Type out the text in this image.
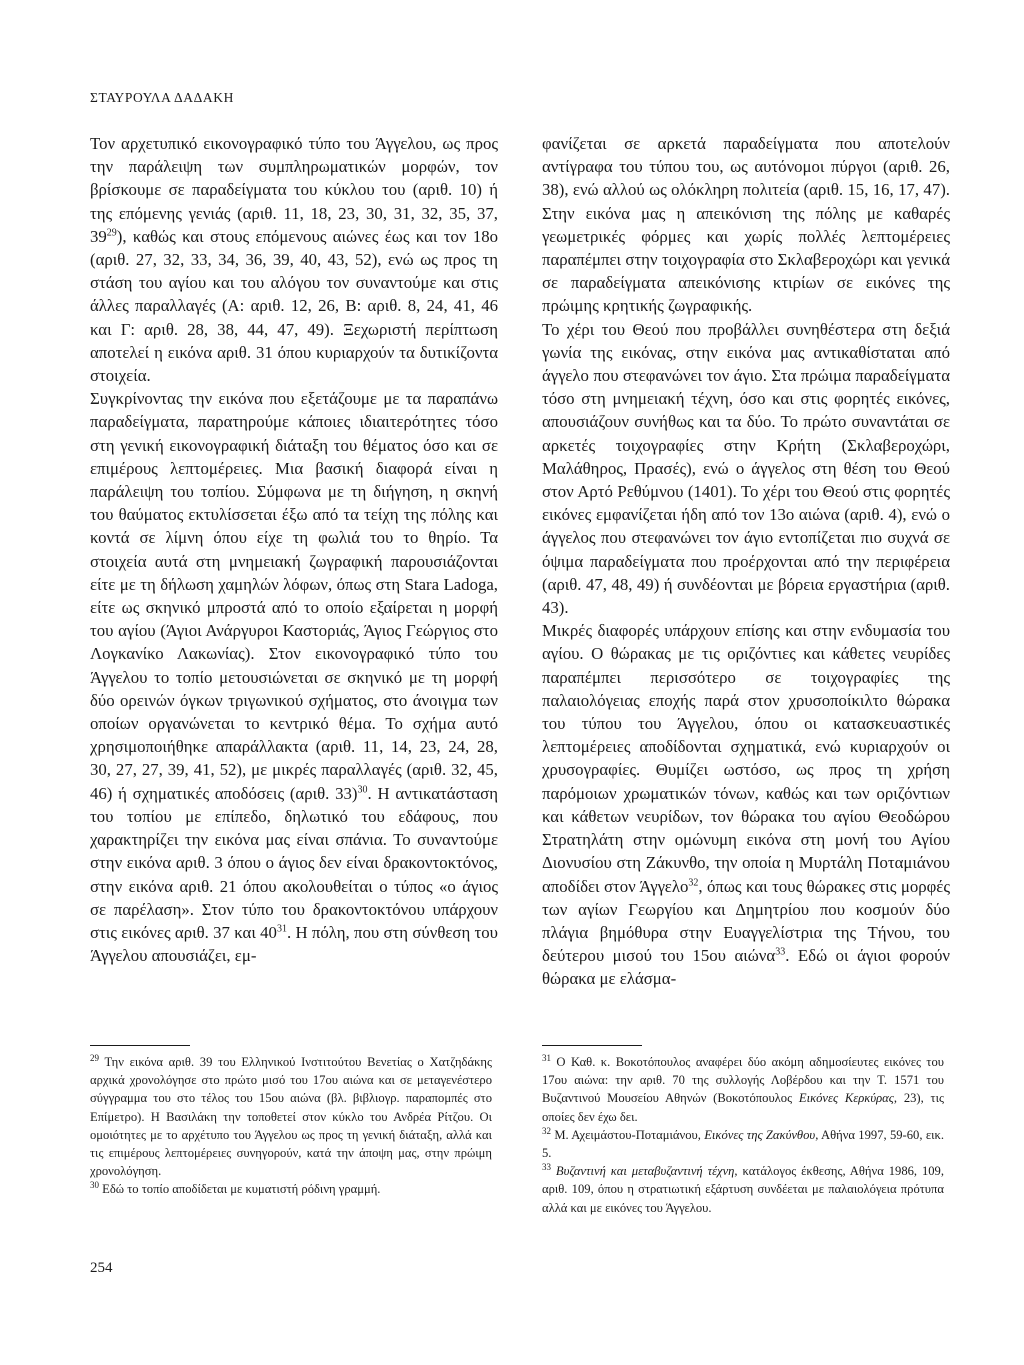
ΣΤΑΥΡΟΥΛΑ ΔΑΔΑΚΗ

Τον αρχετυπικό εικονογραφικό τύπο του Άγγελου, ως προς την παράλειψη των συμπληρωματικών μορφών, τον βρίσκουμε σε παραδείγματα του κύκλου του (αριθ. 10) ή της επόμενης γενιάς (αριθ. 11, 18, 23, 30, 31, 32, 35, 37, $39^{29}$), καθώς και στους επόμενους αιώνες έως και τον 18ο (αριθ. 27, 32, 33, 34, 36, 39, 40, 43, 52), ενώ ως προς τη στάση του αγίου και του αλόγου τον συναντούμε και στις άλλες παραλλαγές (Α: αριθ. 12, 26, Β: αριθ. 8, 24, 41, 46 και Γ: αριθ. 28, 38, 44, 47, 49). Ξεχωριστή περίπτωση αποτελεί η εικόνα αριθ. 31 όπου κυριαρχούν τα δυτικίζοντα στοιχεία.

Συγκρίνοντας την εικόνα που εξετάζουμε με τα παραπάνω παραδείγματα, παρατηρούμε κάποιες ιδιαιτερότητες τόσο στη γενική εικονογραφική διάταξη του θέματος όσο και σε επιμέρους λεπτομέρειες. Μια βασική διαφορά είναι η παράλειψη του τοπίου. Σύμφωνα με τη διήγηση, η σκηνή του θαύματος εκτυλίσσεται έξω από τα τείχη της πόλης και κοντά σε λίμνη όπου είχε τη φωλιά του το θηρίο. Τα στοιχεία αυτά στη μνημειακή ζωγραφική παρουσιάζονται είτε με τη δήλωση χαμηλών λόφων, όπως στη Stara Ladoga, είτε ως σκηνικό μπροστά από το οποίο εξαίρεται η μορφή του αγίου (Άγιοι Ανάργυροι Καστοριάς, Άγιος Γεώργιος στο Λογκανίκο Λακωνίας). Στον εικονογραφικό τύπο του Άγγελου το τοπίο μετουσιώνεται σε σκηνικό με τη μορφή δύο ορεινών όγκων τριγωνικού σχήματος, στο άνοιγμα των οποίων οργανώνεται το κεντρικό θέμα. Το σχήμα αυτό χρησιμοποιήθηκε απαράλλακτα (αριθ. 11, 14, 23, 24, 28, 30, 27, 27, 39, 41, 52), με μικρές παραλλαγές (αριθ. 32, 45, 46) ή σχηματικές αποδόσεις (αριθ. 33)$^{30}$. Η αντικατάσταση του τοπίου με επίπεδο, δηλωτικό του εδάφους, που χαρακτηρίζει την εικόνα μας είναι σπάνια. Το συναντούμε στην εικόνα αριθ. 3 όπου ο άγιος δεν είναι δρακοντοκτόνος, στην εικόνα αριθ. 21 όπου ακολουθείται ο τύπος «ο άγιος σε παρέλαση». Στον τύπο του δρακοντοκτόνου υπάρχουν στις εικόνες αριθ. 37 και $40^{31}$. Η πόλη, που στη σύνθεση του Άγγελου απουσιάζει, εμ-

φανίζεται σε αρκετά παραδείγματα που αποτελούν αντίγραφα του τύπου του, ως αυτόνομοι πύργοι (αριθ. 26, 38), ενώ αλλού ως ολόκληρη πολιτεία (αριθ. 15, 16, 17, 47). Στην εικόνα μας η απεικόνιση της πόλης με καθαρές γεωμετρικές φόρμες και χωρίς πολλές λεπτομέρειες παραπέμπει στην τοιχογραφία στο Σκλαβεροχώρι και γενικά σε παραδείγματα απεικόνισης κτιρίων σε εικόνες της πρώιμης κρητικής ζωγραφικής.

Το χέρι του Θεού που προβάλλει συνηθέστερα στη δεξιά γωνία της εικόνας, στην εικόνα μας αντικαθίσταται από άγγελο που στεφανώνει τον άγιο. Στα πρώιμα παραδείγματα τόσο στη μνημειακή τέχνη, όσο και στις φορητές εικόνες, απουσιάζουν συνήθως και τα δύο. Το πρώτο συναντάται σε αρκετές τοιχογραφίες στην Κρήτη (Σκλαβεροχώρι, Μαλάθηρος, Πρασές), ενώ ο άγγελος στη θέση του Θεού στον Αρτό Ρεθύμνου (1401). Το χέρι του Θεού στις φορητές εικόνες εμφανίζεται ήδη από τον 13ο αιώνα (αριθ. 4), ενώ ο άγγελος που στεφανώνει τον άγιο εντοπίζεται πιο συχνά σε όψιμα παραδείγματα που προέρχονται από την περιφέρεια (αριθ. 47, 48, 49) ή συνδέονται με βόρεια εργαστήρια (αριθ. 43).

Μικρές διαφορές υπάρχουν επίσης και στην ενδυμασία του αγίου. Ο θώρακας με τις οριζόντιες και κάθετες νευρίδες παραπέμπει περισσότερο σε τοιχογραφίες της παλαιολόγειας εποχής παρά στον χρυσοποίκιλτο θώρακα του τύπου του Άγγελου, όπου οι κατασκευαστικές λεπτομέρειες αποδίδονται σχηματικά, ενώ κυριαρχούν οι χρυσογραφίες. Θυμίζει ωστόσο, ως προς τη χρήση παρόμοιων χρωματικών τόνων, καθώς και των οριζόντιων και κάθετων νευρίδων, τον θώρακα του αγίου Θεοδώρου Στρατηλάτη στην ομώνυμη εικόνα στη μονή του Αγίου Διονυσίου στη Ζάκυνθο, την οποία η Μυρτάλη Ποταμιάνου αποδίδει στον Άγγελο$^{32}$, όπως και τους θώρακες στις μορφές των αγίων Γεωργίου και Δημητρίου που κοσμούν δύο πλάγια βημόθυρα στην Ευαγγελίστρια της Τήνου, του δεύτερου μισού του 15ου αιώνα$^{33}$. Εδώ οι άγιοι φορούν θώρακα με ελάσμα-

$^{29}$ Την εικόνα αριθ. 39 του Ελληνικού Ινστιτούτου Βενετίας ο Χατζηδάκης αρχικά χρονολόγησε στο πρώτο μισό του 17ου αιώνα και σε μεταγενέστερο σύγγραμμα του στο τέλος του 15ου αιώνα (βλ. βιβλιογρ. παραπομπές στο Επίμετρο). Η Βασιλάκη την τοποθετεί στον κύκλο του Ανδρέα Ρίτζου. Οι ομοιότητες με το αρχέτυπο του Άγγελου ως προς τη γενική διάταξη, αλλά και τις επιμέρους λεπτομέρειες συνηγορούν, κατά την άποψη μας, στην πρώιμη χρονολόγηση.

$^{30}$ Εδώ το τοπίο αποδίδεται με κυματιστή ρόδινη γραμμή.

$^{31}$ Ο Καθ. κ. Βοκοτόπουλος αναφέρει δύο ακόμη αδημοσίευτες εικόνες του 17ου αιώνα: την αριθ. 70 της συλλογής Λοβέρδου και την Τ. 1571 του Βυζαντινού Μουσείου Αθηνών (Βοκοτόπουλος Εικόνες Κερκύρας, 23), τις οποίες δεν έχω δει.

$^{32}$ Μ. Αχειμάστου-Ποταμιάνου, Εικόνες της Ζακύνθου, Αθήνα 1997, 59-60, εικ. 5.

$^{33}$ Βυζαντινή και μεταβυζαντινή τέχνη, κατάλογος έκθεσης, Αθήνα 1986, 109, αριθ. 109, όπου η στρατιωτική εξάρτυση συνδέεται με παλαιολόγεια πρότυπα αλλά και με εικόνες του Άγγελου.

254
